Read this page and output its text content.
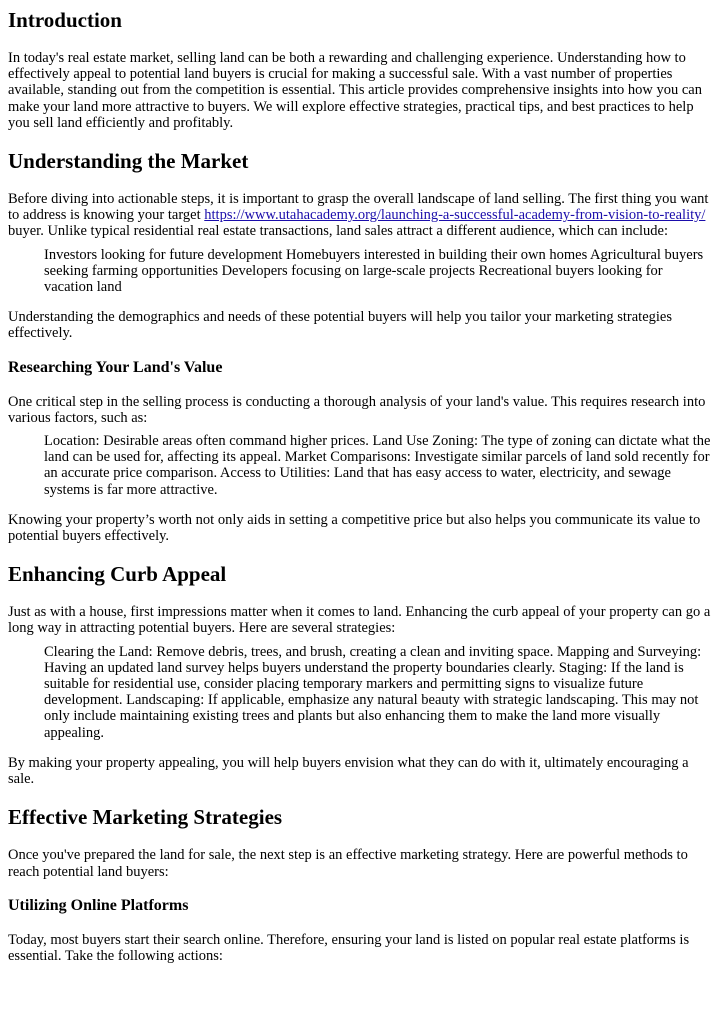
Introduction

In today's real estate market, selling land can be both a rewarding and challenging experience. Understanding how to effectively appeal to potential land buyers is crucial for making a successful sale. With a vast number of properties available, standing out from the competition is essential. This article provides comprehensive insights into how you can make your land more attractive to buyers. We will explore effective strategies, practical tips, and best practices to help you sell land efficiently and profitably.

Understanding the Market

Before diving into actionable steps, it is important to grasp the overall landscape of land selling. The first thing you want to address is knowing your target https://www.utahacademy.org/launching-a-successful-academy-from-vision-to-reality/ buyer. Unlike typical residential real estate transactions, land sales attract a different audience, which can include:

Investors looking for future development Homebuyers interested in building their own homes Agricultural buyers seeking farming opportunities Developers focusing on large-scale projects Recreational buyers looking for vacation land

Understanding the demographics and needs of these potential buyers will help you tailor your marketing strategies effectively.

Researching Your Land's Value

One critical step in the selling process is conducting a thorough analysis of your land's value. This requires research into various factors, such as:

Location: Desirable areas often command higher prices. Land Use Zoning: The type of zoning can dictate what the land can be used for, affecting its appeal. Market Comparisons: Investigate similar parcels of land sold recently for an accurate price comparison. Access to Utilities: Land that has easy access to water, electricity, and sewage systems is far more attractive.

Knowing your property’s worth not only aids in setting a competitive price but also helps you communicate its value to potential buyers effectively.

Enhancing Curb Appeal

Just as with a house, first impressions matter when it comes to land. Enhancing the curb appeal of your property can go a long way in attracting potential buyers. Here are several strategies:

Clearing the Land: Remove debris, trees, and brush, creating a clean and inviting space. Mapping and Surveying: Having an updated land survey helps buyers understand the property boundaries clearly. Staging: If the land is suitable for residential use, consider placing temporary markers and permitting signs to visualize future development. Landscaping: If applicable, emphasize any natural beauty with strategic landscaping. This may not only include maintaining existing trees and plants but also enhancing them to make the land more visually appealing.

By making your property appealing, you will help buyers envision what they can do with it, ultimately encouraging a sale.

Effective Marketing Strategies

Once you've prepared the land for sale, the next step is an effective marketing strategy. Here are powerful methods to reach potential land buyers:

Utilizing Online Platforms

Today, most buyers start their search online. Therefore, ensuring your land is listed on popular real estate platforms is essential. Take the following actions:
